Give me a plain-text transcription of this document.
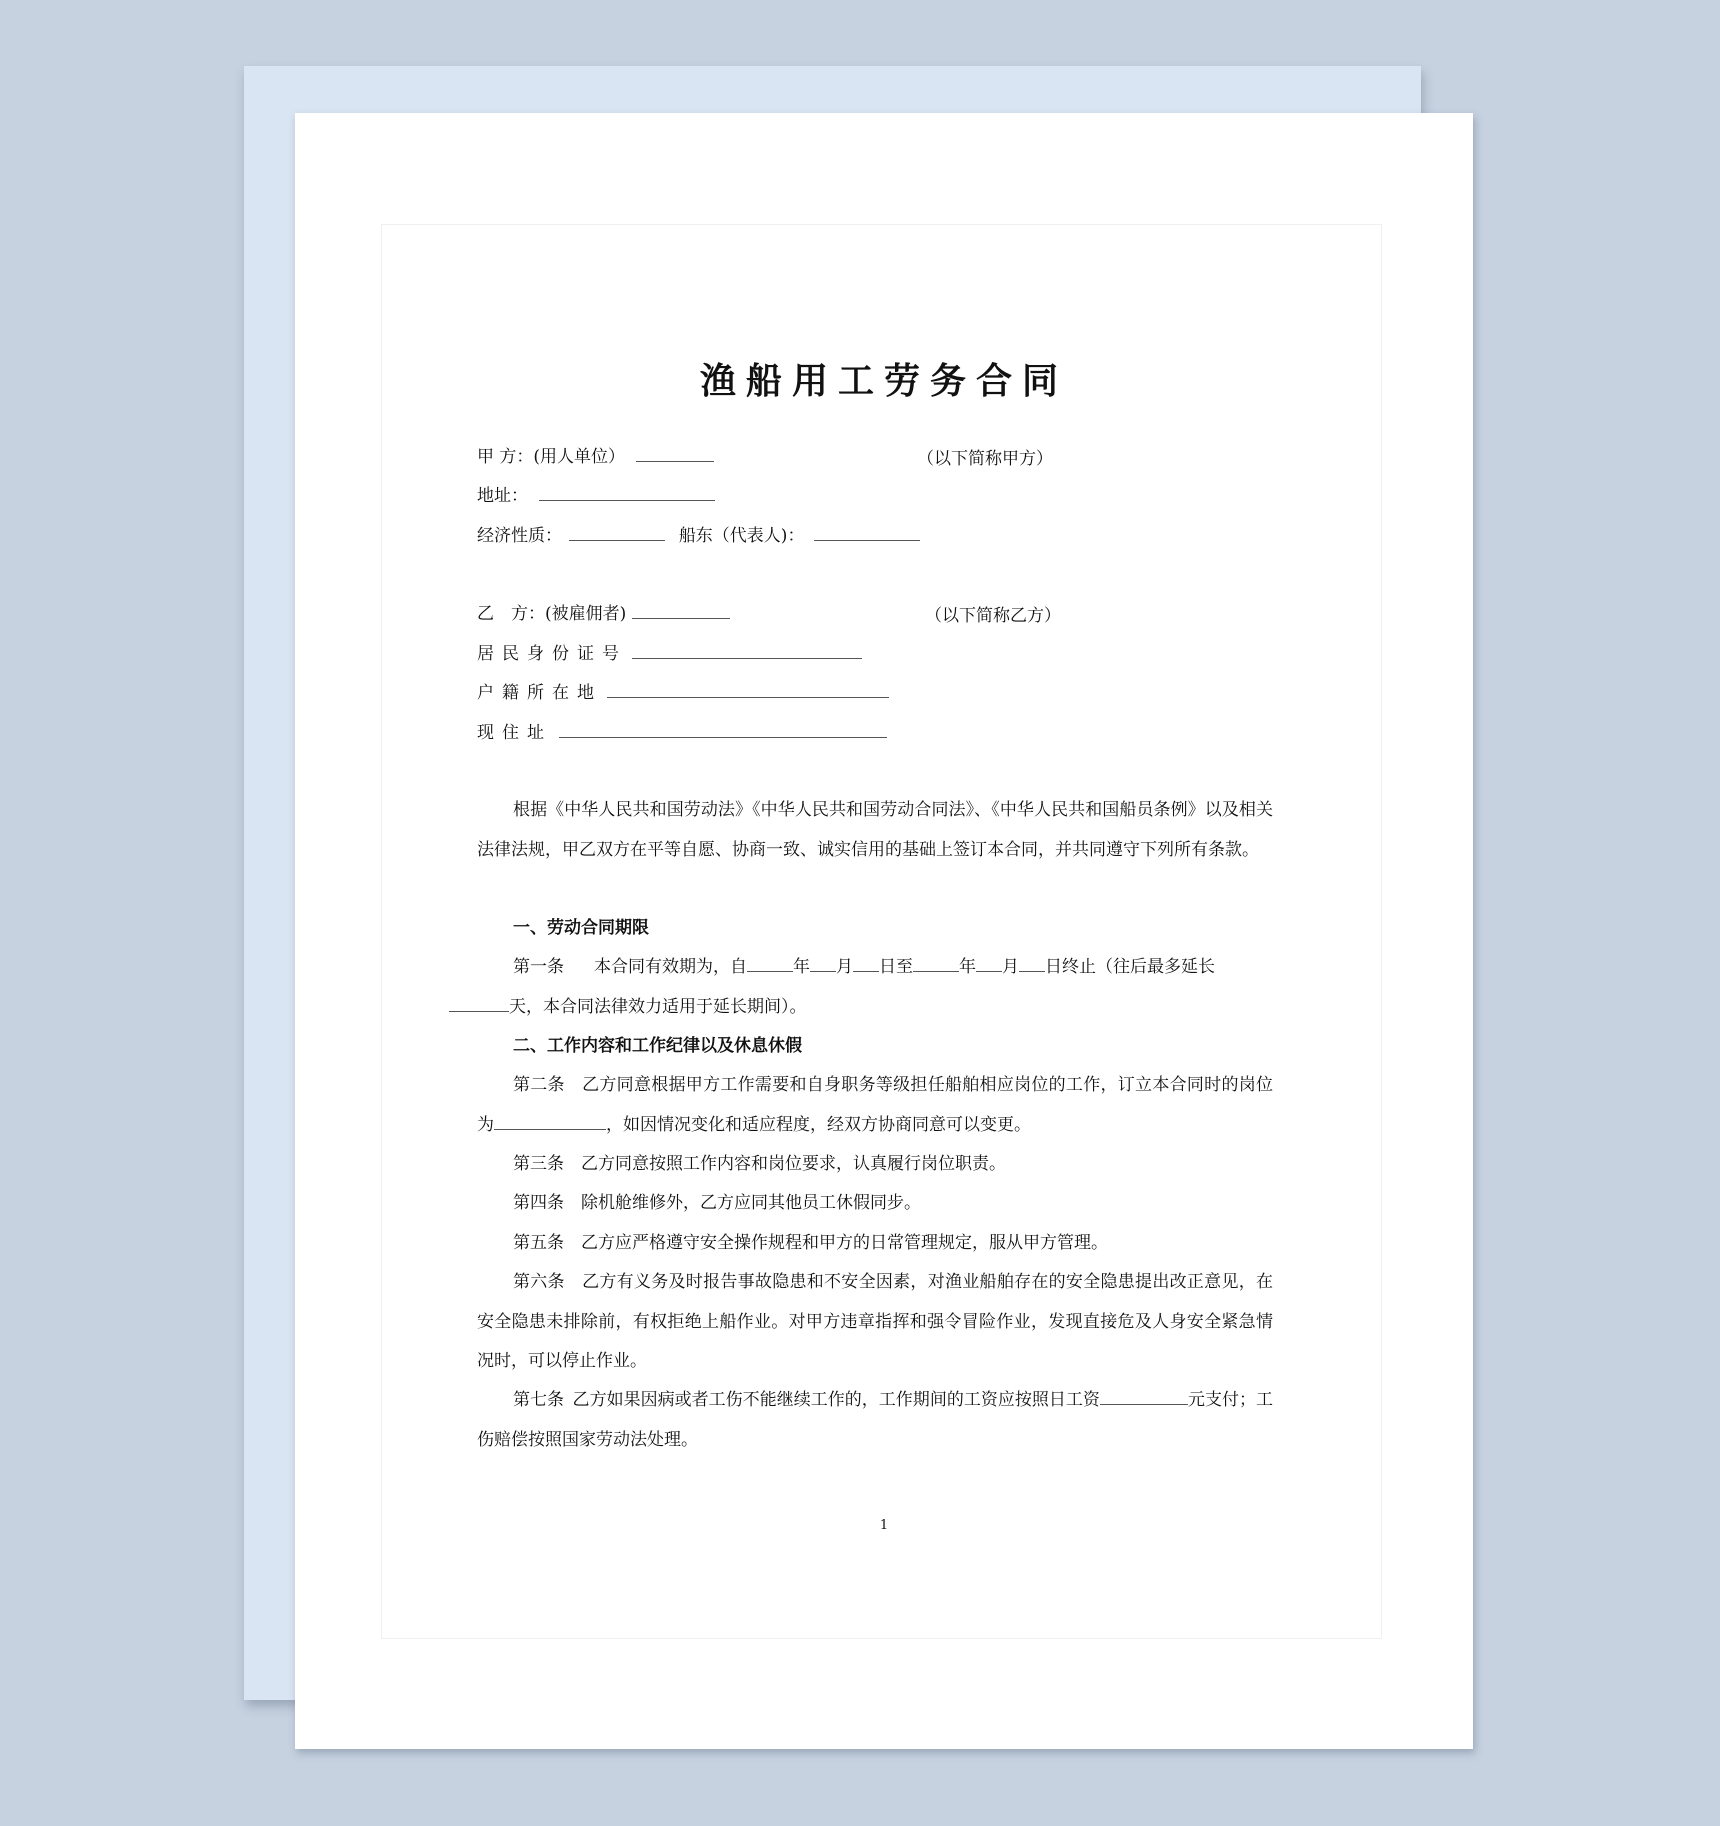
渔船用工劳务合同
甲 方：(用人单位）	（以下简称甲方）
地址：
经济性质：	船东（代表人)：
乙　方：(被雇佣者)	（以下简称乙方）
居民身份证号
户籍所在地
现住址
根据《中华人民共和国劳动法》《中华人民共和国劳动合同法》、《中华人民共和国船员条例》以及相关法律法规，甲乙双方在平等自愿、协商一致、诚实信用的基础上签订本合同，并共同遵守下列所有条款。
一、劳动合同期限
第一条 本合同有效期为，自	年 月 日至	年 月 日终止（往后最多延长
天，本合同法律效力适用于延长期间）。
二、工作内容和工作纪律以及休息休假
第二条  乙方同意根据甲方工作需要和自身职务等级担任船舶相应岗位的工作，订立本合同时的岗位为	，如因情况变化和适应程度，经双方协商同意可以变更。
第三条  乙方同意按照工作内容和岗位要求，认真履行岗位职责。
第四条  除机舱维修外，乙方应同其他员工休假同步。
第五条  乙方应严格遵守安全操作规程和甲方的日常管理规定，服从甲方管理。
第六条  乙方有义务及时报告事故隐患和不安全因素，对渔业船舶存在的安全隐患提出改正意见，在安全隐患未排除前，有权拒绝上船作业。对甲方违章指挥和强令冒险作业，发现直接危及人身安全紧急情况时，可以停止作业。
第七条  乙方如果因病或者工伤不能继续工作的，工作期间的工资应按照日工资	元支付；工伤赔偿按照国家劳动法处理。
1
